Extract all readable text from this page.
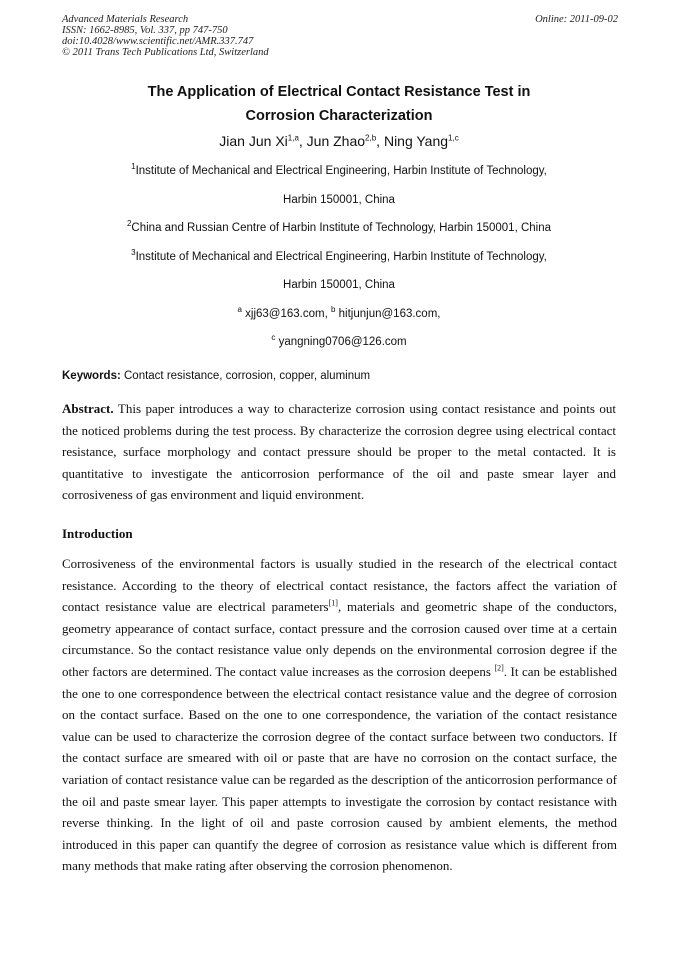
Advanced Materials Research
ISSN: 1662-8985, Vol. 337, pp 747-750
doi:10.4028/www.scientific.net/AMR.337.747
© 2011 Trans Tech Publications Ltd, Switzerland
Online: 2011-09-02
The Application of Electrical Contact Resistance Test in
Corrosion Characterization
Jian Jun Xi$^{1,a}$, Jun Zhao$^{2,b}$, Ning Yang$^{1,c}$
$^1$Institute of Mechanical and Electrical Engineering, Harbin Institute of Technology,
Harbin 150001, China
$^2$China and Russian Centre of Harbin Institute of Technology, Harbin 150001, China
$^3$Institute of Mechanical and Electrical Engineering, Harbin Institute of Technology,
Harbin 150001, China
$^a$ xjj63@163.com, $^b$ hitjunjun@163.com,
$^c$ yangning0706@126.com
Keywords: Contact resistance, corrosion, copper, aluminum
Abstract. This paper introduces a way to characterize corrosion using contact resistance and points out the noticed problems during the test process. By characterize the corrosion degree using electrical contact resistance, surface morphology and contact pressure should be proper to the metal contacted. It is quantitative to investigate the anticorrosion performance of the oil and paste smear layer and corrosiveness of gas environment and liquid environment.
Introduction
Corrosiveness of the environmental factors is usually studied in the research of the electrical contact resistance. According to the theory of electrical contact resistance, the factors affect the variation of contact resistance value are electrical parameters[1], materials and geometric shape of the conductors, geometry appearance of contact surface, contact pressure and the corrosion caused over time at a certain circumstance. So the contact resistance value only depends on the environmental corrosion degree if the other factors are determined. The contact value increases as the corrosion deepens [2]. It can be established the one to one correspondence between the electrical contact resistance value and the degree of corrosion on the contact surface. Based on the one to one correspondence, the variation of the contact resistance value can be used to characterize the corrosion degree of the contact surface between two conductors. If the contact surface are smeared with oil or paste that are have no corrosion on the contact surface, the variation of contact resistance value can be regarded as the description of the anticorrosion performance of the oil and paste smear layer. This paper attempts to investigate the corrosion by contact resistance with reverse thinking. In the light of oil and paste corrosion caused by ambient elements, the method introduced in this paper can quantify the degree of corrosion as resistance value which is different from many methods that make rating after observing the corrosion phenomenon.
